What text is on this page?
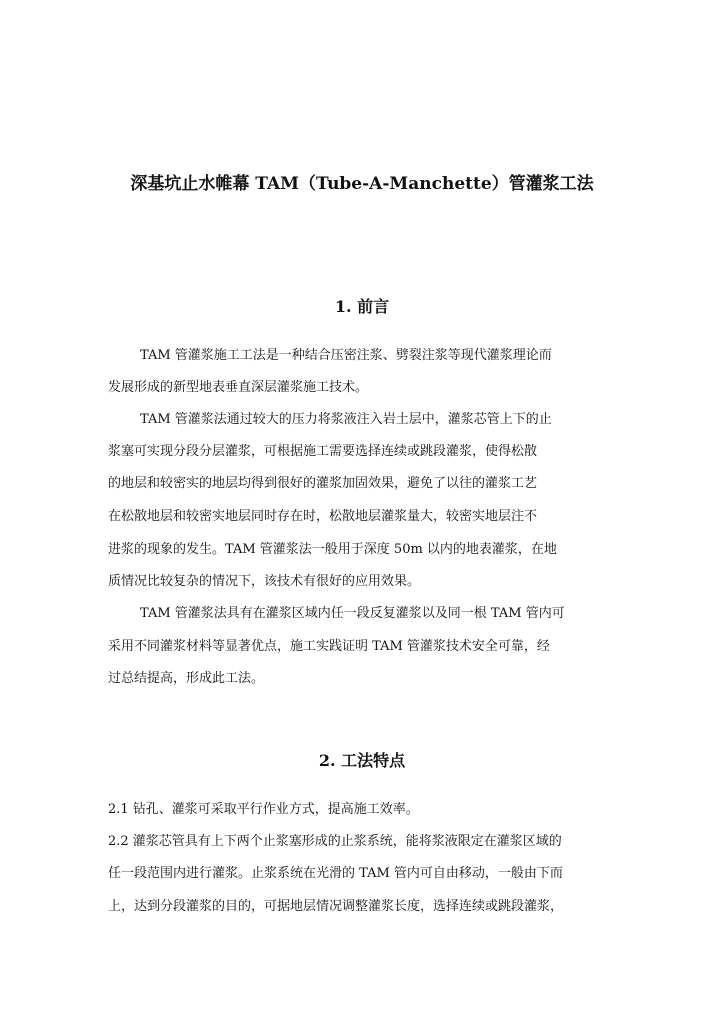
深基坑止水帷幕 TAM（Tube-A-Manchette）管灌浆工法
1. 前言
TAM 管灌浆施工工法是一种结合压密注浆、劈裂注浆等现代灌浆理论而
发展形成的新型地表垂直深层灌浆施工技术。
TAM 管灌浆法通过较大的压力将浆液注入岩土层中，灌浆芯管上下的止
浆塞可实现分段分层灌浆，可根据施工需要选择连续或跳段灌浆，使得松散
的地层和较密实的地层均得到很好的灌浆加固效果，避免了以往的灌浆工艺
在松散地层和较密实地层同时存在时，松散地层灌浆量大，较密实地层注不
进浆的现象的发生。TAM 管灌浆法一般用于深度 50m 以内的地表灌浆，在地
质情况比较复杂的情况下，该技术有很好的应用效果。
TAM 管灌浆法具有在灌浆区域内任一段反复灌浆以及同一根 TAM 管内可
采用不同灌浆材料等显著优点，施工实践证明 TAM 管灌浆技术安全可靠，经
过总结提高，形成此工法。
2. 工法特点
2.1 钻孔、灌浆可采取平行作业方式，提高施工效率。
2.2 灌浆芯管具有上下两个止浆塞形成的止浆系统，能将浆液限定在灌浆区域的
任一段范围内进行灌浆。止浆系统在光滑的 TAM 管内可自由移动，一般由下而
上，达到分段灌浆的目的，可据地层情况调整灌浆长度，选择连续或跳段灌浆，
